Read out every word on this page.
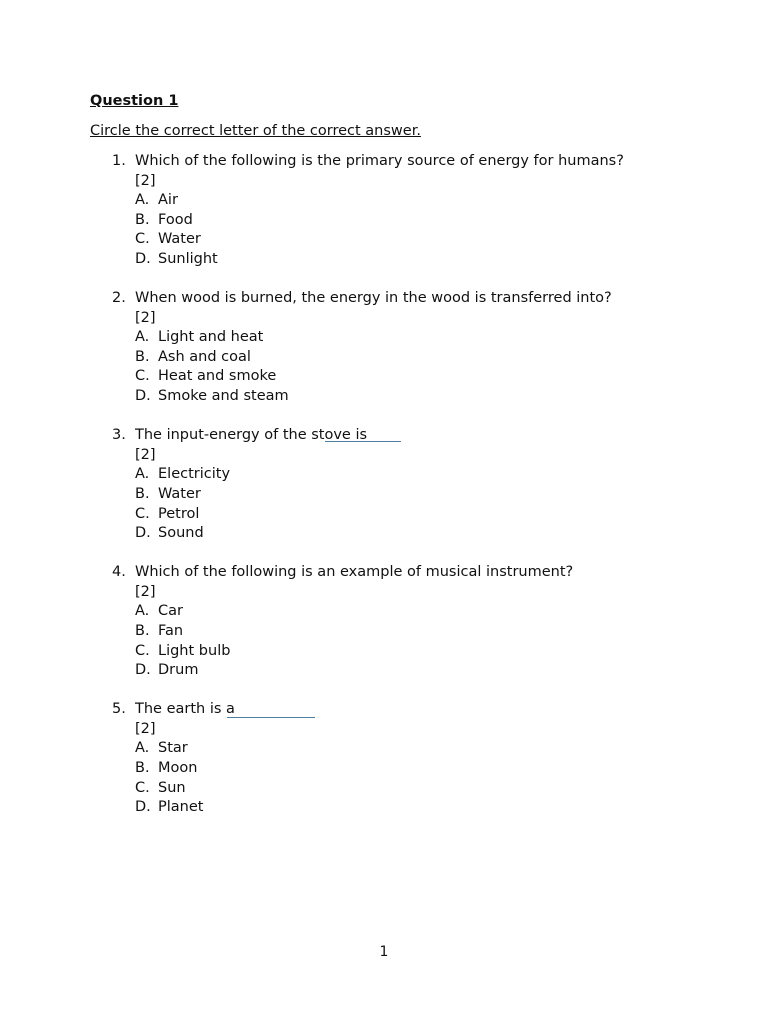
Question 1
Circle the correct letter of the correct answer.
1. Which of the following is the primary source of energy for humans?
[2]
A. Air
B. Food
C. Water
D. Sunlight
2. When wood is burned, the energy in the wood is transferred into?
[2]
A. Light and heat
B. Ash and coal
C. Heat and smoke
D. Smoke and steam
3. The input-energy of the stove is
[2]
A. Electricity
B. Water
C. Petrol
D. Sound
4. Which of the following is an example of musical instrument?
[2]
A. Car
B. Fan
C. Light bulb
D. Drum
5. The earth is a
[2]
A. Star
B. Moon
C. Sun
D. Planet
1
